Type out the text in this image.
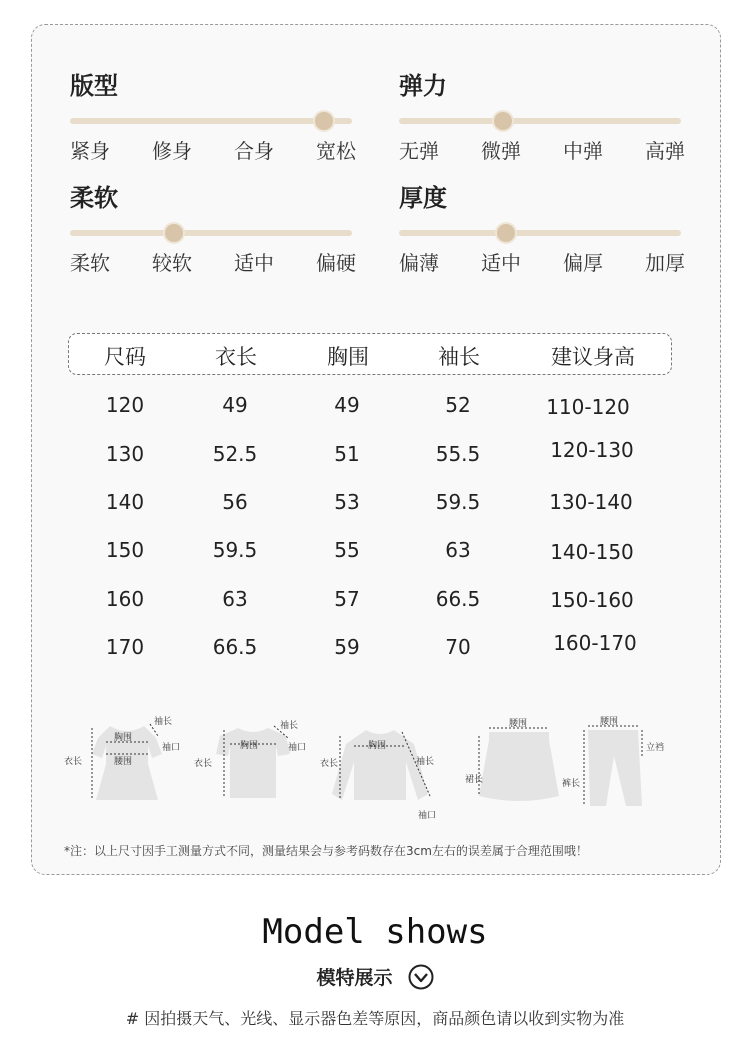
版型
紧身 修身 合身 宽松
弹力
无弹 微弹 中弹 高弹
柔软
柔软 较软 适中 偏硬
厚度
偏薄 适中 偏厚 加厚
尺码	衣长	胸围	袖长	建议身高
120	49	49	52	110-120
130	52.5	51	55.5	120-130
140	56	53	59.5	130-140
150	59.5	55	63	140-150
160	63	57	66.5	150-160
170	66.5	59	70	160-170
胸围
腰围
衣长
袖长
袖口	胸围
衣长
袖长
袖口	胸围
衣长	袖长
袖口
腰围
裙长
腰围
裤长
立裆
*注：以上尺寸因手工测量方式不同，测量结果会与参考码数存在3cm左右的误差属于合理范围哦！
Model shows
模特展示
# 因拍摄天气、光线、显示器色差等原因，商品颜色请以收到实物为准
